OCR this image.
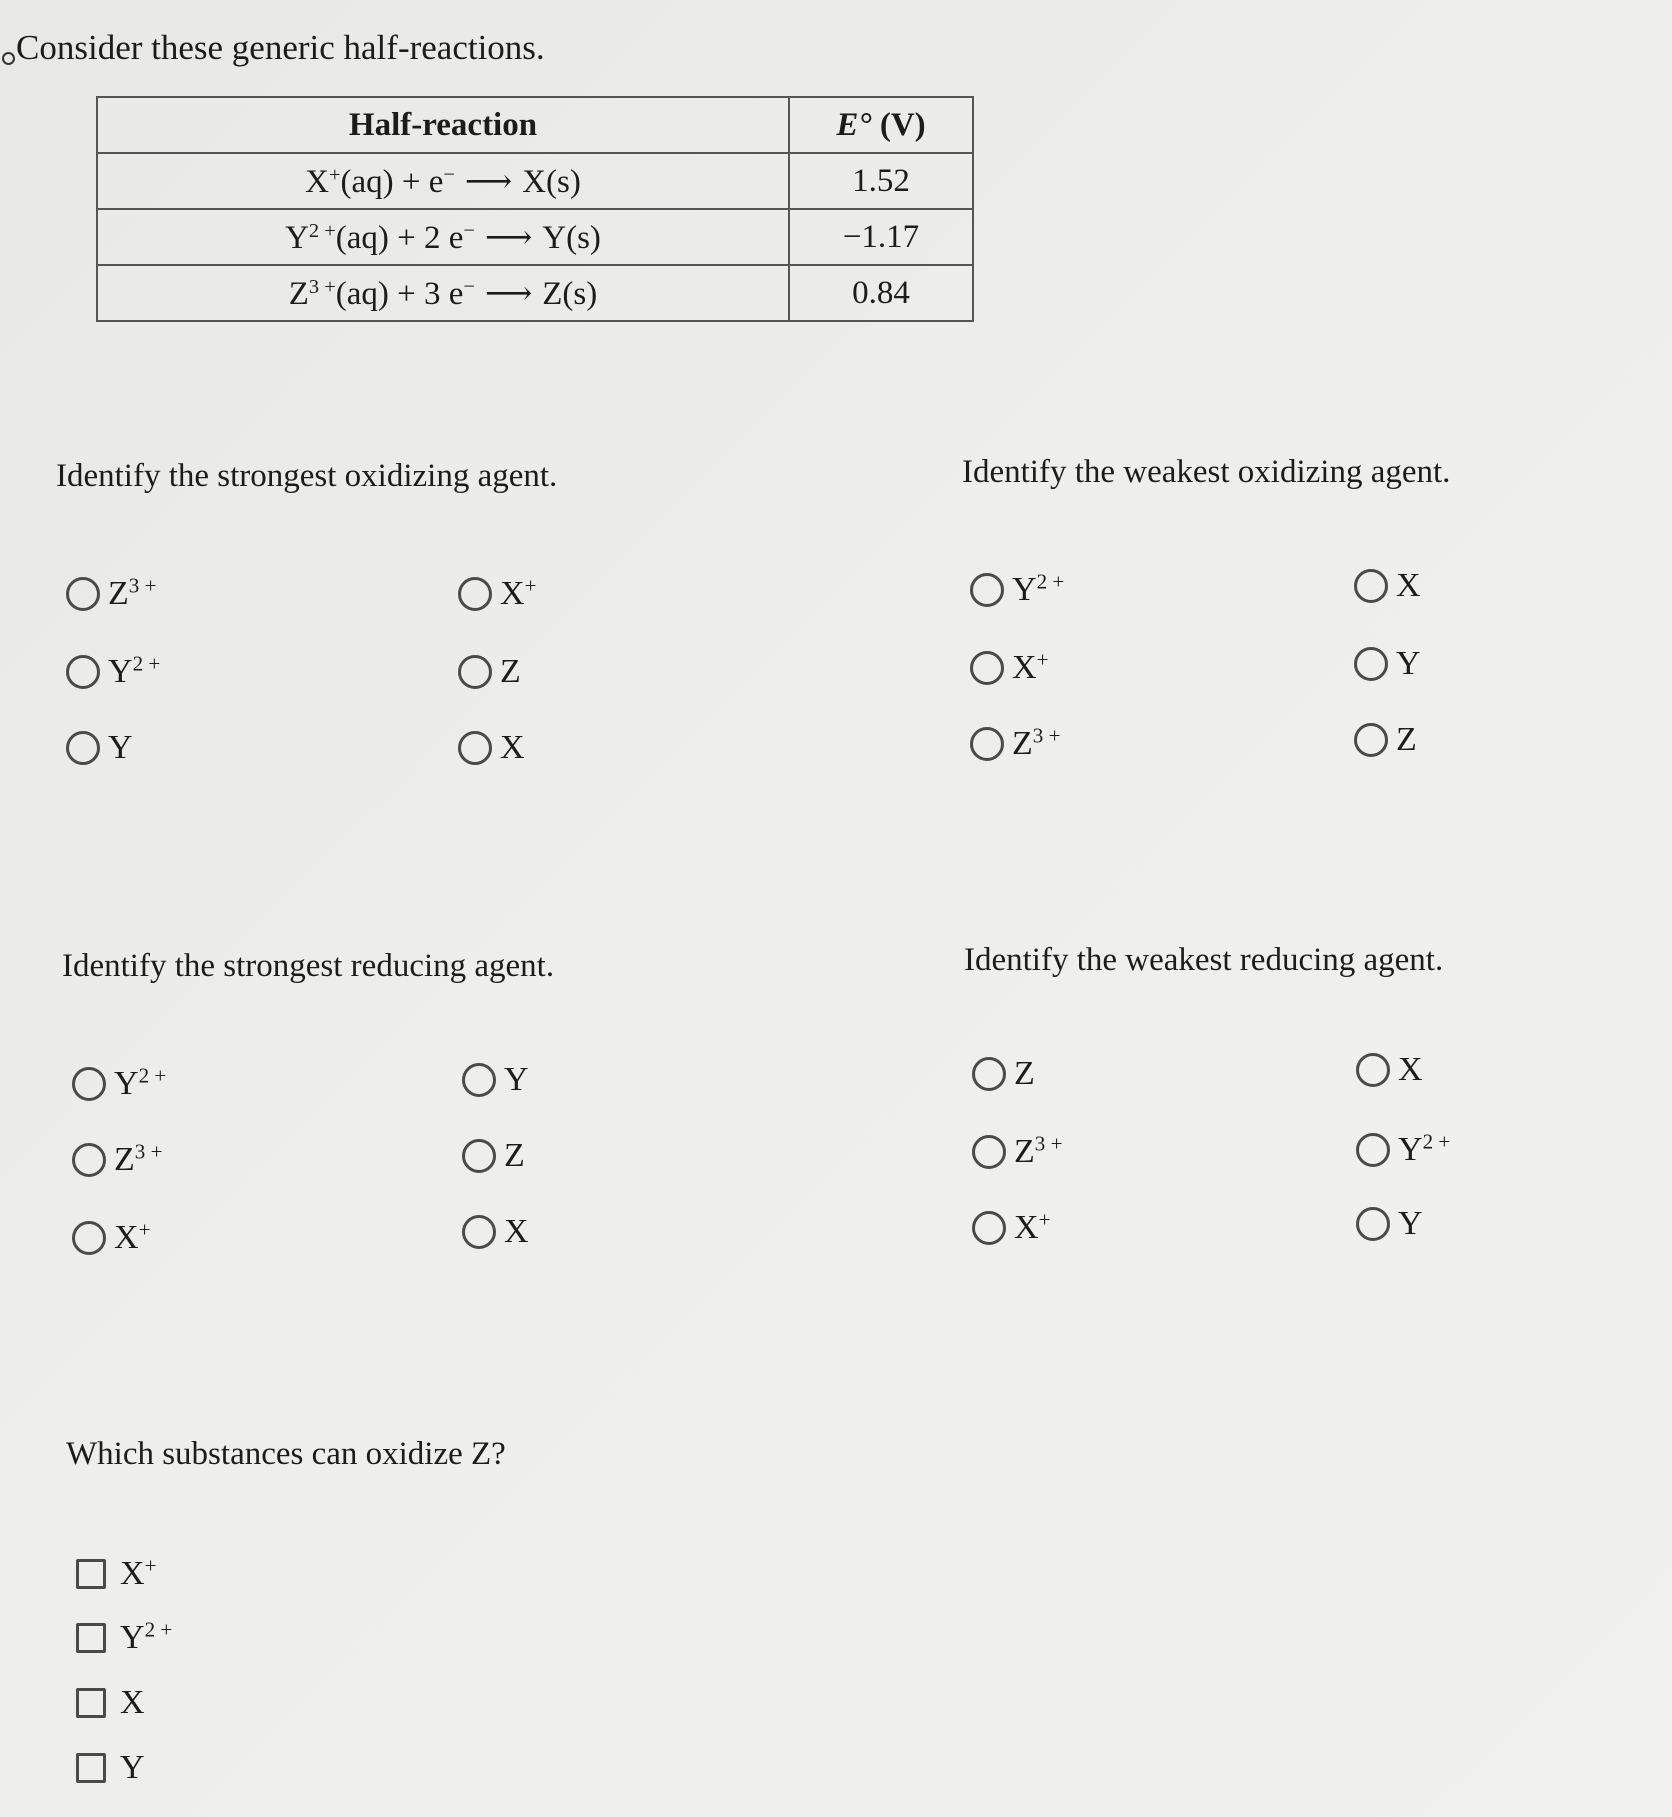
Consider these generic half-reactions.
Half-reaction	E° (V)
X+(aq) + e− ⟶ X(s)	1.52
$Y^{2 +}(aq) + 2$ e− ⟶ Y(s)	−1.17
$Z^{3 +}(aq) + 3$ e− ⟶ Z(s)	0.84
Identify the strongest oxidizing agent.
$Z^{3 +}$	X+
$Y^{2 +}$	Z
Y	X
Identify the weakest oxidizing agent.
$Y^{2 +}$	X
X+	Y
$Z^{3 +}$	Z
Identify the strongest reducing agent.
$Y^{2 +}$	Y
$Z^{3 +}$	Z
X+	X
Identify the weakest reducing agent.
Z	X
$Z^{3 +}$	$Y^{2 +}$
X+	Y
Which substances can oxidize Z?
X+
$Y^{2 +}$
X
Y
